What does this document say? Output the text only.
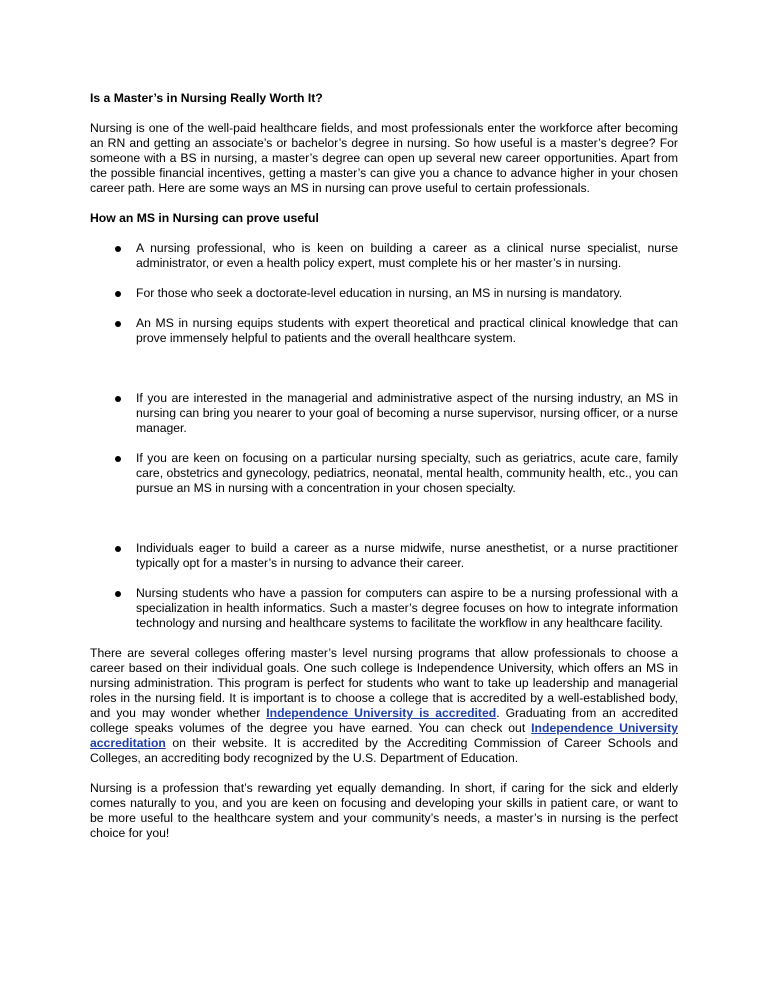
Is a Master’s in Nursing Really Worth It?

Nursing is one of the well-paid healthcare fields, and most professionals enter the workforce after becoming an RN and getting an associate’s or bachelor’s degree in nursing. So how useful is a master’s degree? For someone with a BS in nursing, a master’s degree can open up several new career opportunities. Apart from the possible financial incentives, getting a master’s can give you a chance to advance higher in your chosen career path. Here are some ways an MS in nursing can prove useful to certain professionals.

How an MS in Nursing can prove useful
A nursing professional, who is keen on building a career as a clinical nurse specialist, nurse administrator, or even a health policy expert, must complete his or her master’s in nursing.
For those who seek a doctorate-level education in nursing, an MS in nursing is mandatory.
An MS in nursing equips students with expert theoretical and practical clinical knowledge that can prove immensely helpful to patients and the overall healthcare system.
If you are interested in the managerial and administrative aspect of the nursing industry, an MS in nursing can bring you nearer to your goal of becoming a nurse supervisor, nursing officer, or a nurse manager.
If you are keen on focusing on a particular nursing specialty, such as geriatrics, acute care, family care, obstetrics and gynecology, pediatrics, neonatal, mental health, community health, etc., you can pursue an MS in nursing with a concentration in your chosen specialty.
Individuals eager to build a career as a nurse midwife, nurse anesthetist, or a nurse practitioner typically opt for a master’s in nursing to advance their career.
Nursing students who have a passion for computers can aspire to be a nursing professional with a specialization in health informatics. Such a master’s degree focuses on how to integrate information technology and nursing and healthcare systems to facilitate the workflow in any healthcare facility.

There are several colleges offering master’s level nursing programs that allow professionals to choose a career based on their individual goals. One such college is Independence University, which offers an MS in nursing administration. This program is perfect for students who want to take up leadership and managerial roles in the nursing field. It is important is to choose a college that is accredited by a well-established body, and you may wonder whether Independence University is accredited. Graduating from an accredited college speaks volumes of the degree you have earned. You can check out Independence University accreditation on their website. It is accredited by the Accrediting Commission of Career Schools and Colleges, an accrediting body recognized by the U.S. Department of Education.

Nursing is a profession that’s rewarding yet equally demanding. In short, if caring for the sick and elderly comes naturally to you, and you are keen on focusing and developing your skills in patient care, or want to be more useful to the healthcare system and your community’s needs, a master’s in nursing is the perfect choice for you!
